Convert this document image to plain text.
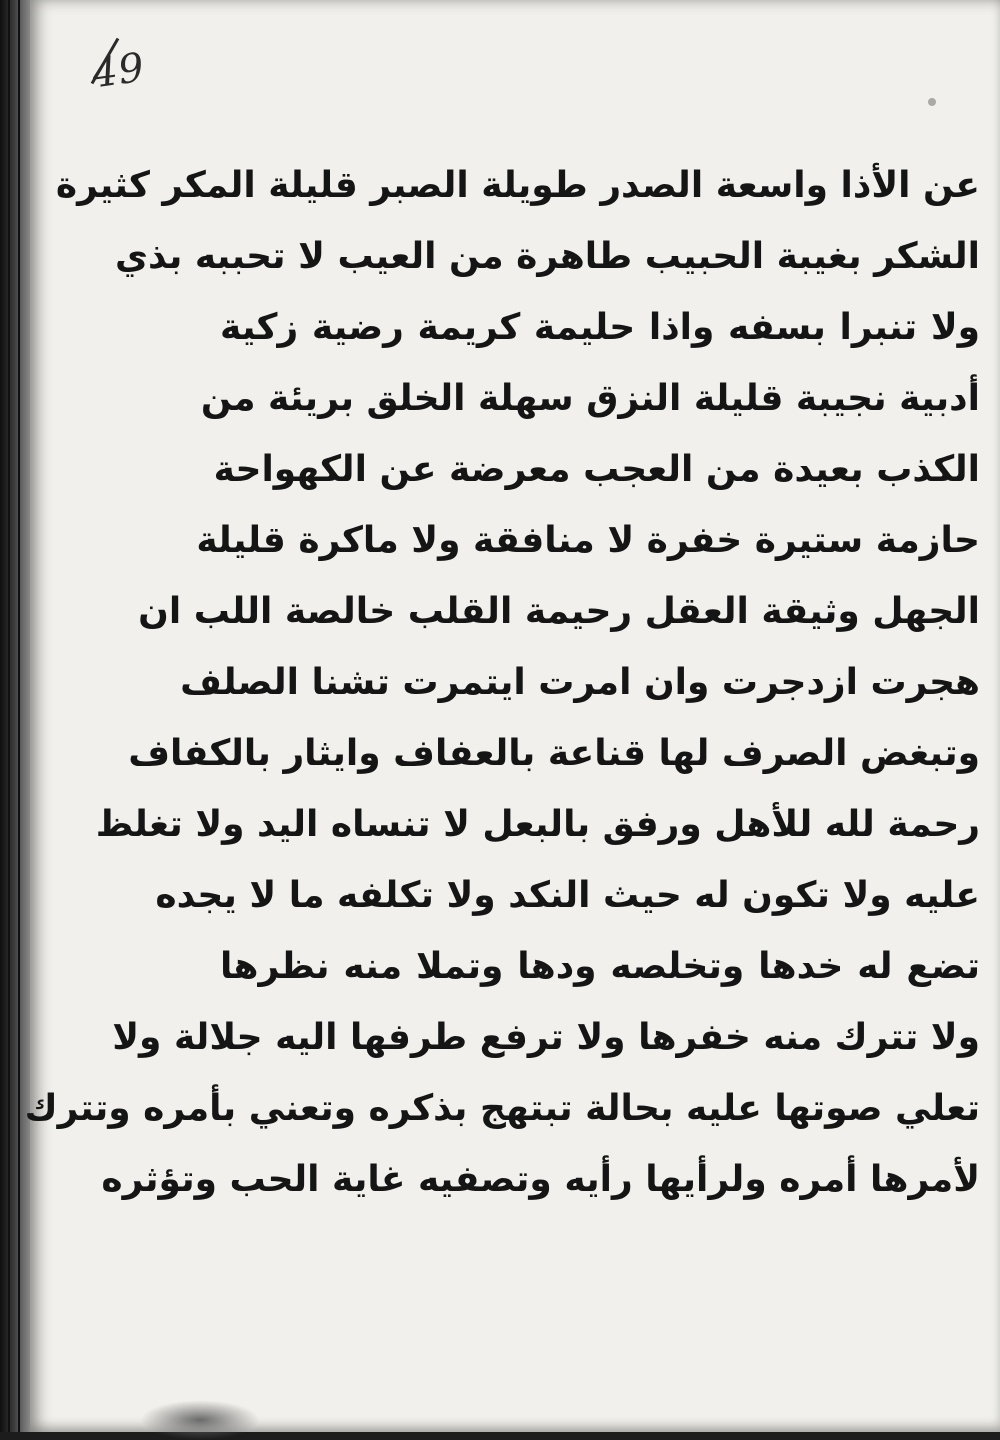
49
عن الأذا واسعة الصدر طويلة الصبر قليلة المكر كثيرة
الشكر بغيبة الحبيب طاهرة من العيب لا تحببه بذي
ولا تنبرا بسفه واذا حليمة كريمة رضية زكية
أدبية نجيبة قليلة النزق سهلة الخلق بريئة من
الكذب بعيدة من العجب معرضة عن الكهواحة
حازمة ستيرة خفرة لا منافقة ولا ماكرة قليلة
الجهل وثيقة العقل رحيمة القلب خالصة اللب ان
هجرت ازدجرت وان امرت ايتمرت تشنا الصلف
وتبغض الصرف لها قناعة بالعفاف وايثار بالكفاف
رحمة لله للأهل ورفق بالبعل لا تنساه اليد ولا تغلظ
عليه ولا تكون له حيث النكد ولا تكلفه ما لا يجده
تضع له خدها وتخلصه ودها وتملا منه نظرها
ولا تترك منه خفرها ولا ترفع طرفها اليه جلالة ولا
تعلي صوتها عليه بحالة تبتهج بذكره وتعني بأمره وتترك
لأمرها أمره ولرأيها رأيه وتصفيه غاية الحب وتؤثره
